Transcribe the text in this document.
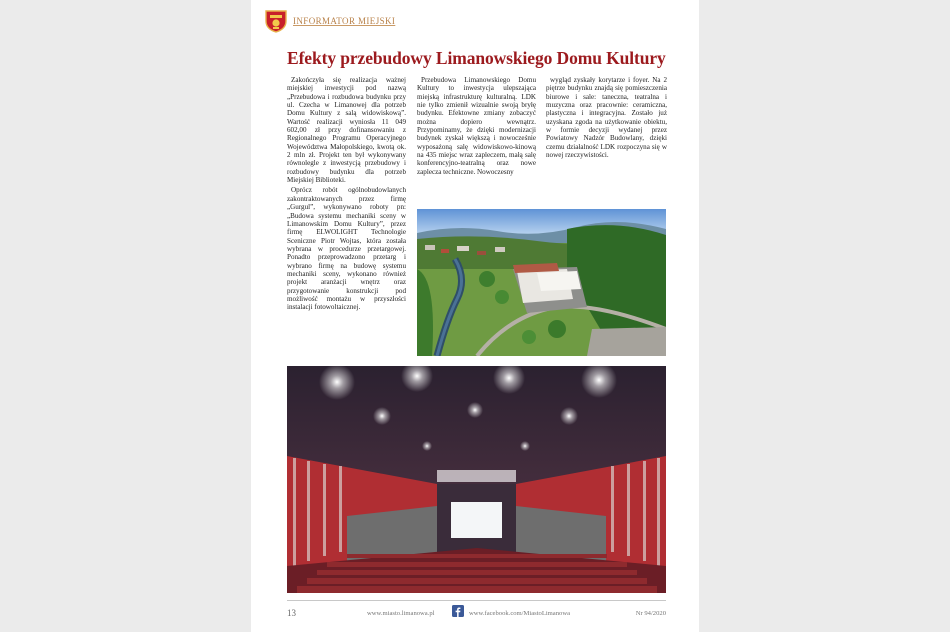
INFORMATOR MIEJSKI
Efekty przebudowy Limanowskiego Domu Kultury

Zakończyła się realizacja ważnej miejskiej inwestycji pod nazwą „Przebudowa i rozbudowa budynku przy ul. Czecha w Limanowej dla potrzeb Domu Kultury z salą widowiskową”. Wartość realizacji wyniosła 11 049 602,00 zł przy dofinansowaniu z Regionalnego Programu Operacyjnego Województwa Małopolskiego, kwotą ok. 2 mln zł. Projekt ten był wykonywany równolegle z inwestycją przebudowy i rozbudowy budynku dla potrzeb Miejskiej Biblioteki.

Oprócz robót ogólnobudowlanych zakontraktowanych przez firmę „Gurgul”, wykonywano roboty pn: „Budowa systemu mechaniki sceny w Limanowskim Domu Kultury”, przez firmę ELWOLIGHT Technologie Sceniczne Piotr Wojtas, która została wybrana w procedurze przetargowej. Ponadto przeprowadzono przetarg i wybrano firmę na budowę systemu mechaniki sceny, wykonano również projekt aranżacji wnętrz oraz przygotowanie konstrukcji pod możliwość montażu w przyszłości instalacji fotowoltaicznej.

Przebudowa Limanowskiego Domu Kultury to inwestycja ulepszająca miejską infrastrukturę kulturalną. LDK nie tylko zmienił wizualnie swoją bryłę budynku. Efektowne zmiany zobaczyć można dopiero wewnątrz. Przypominamy, że dzięki modernizacji budynek zyskał większą i nowocześnie wyposażoną salę widowiskowo-kinową na 435 miejsc wraz zapleczem, małą salę konferencyjno-teatralną oraz nowe zaplecza techniczne. Nowoczesny

wygląd zyskały korytarze i foyer. Na 2 piętrze budynku znajdą się pomieszczenia biurowe i sale: taneczna, teatralna i muzyczna oraz pracownie: ceramiczna, plastyczna i integracyjna. Zostało już uzyskana zgoda na użytkowanie obiektu, w formie decyzji wydanej przez Powiatowy Nadzór Budowlany, dzięki czemu działalność LDK rozpoczyna się w nowej rzeczywistości.

13	www.miasto.limanowa.pl	www.facebook.com/MiastoLimanowa	Nr 94/2020
